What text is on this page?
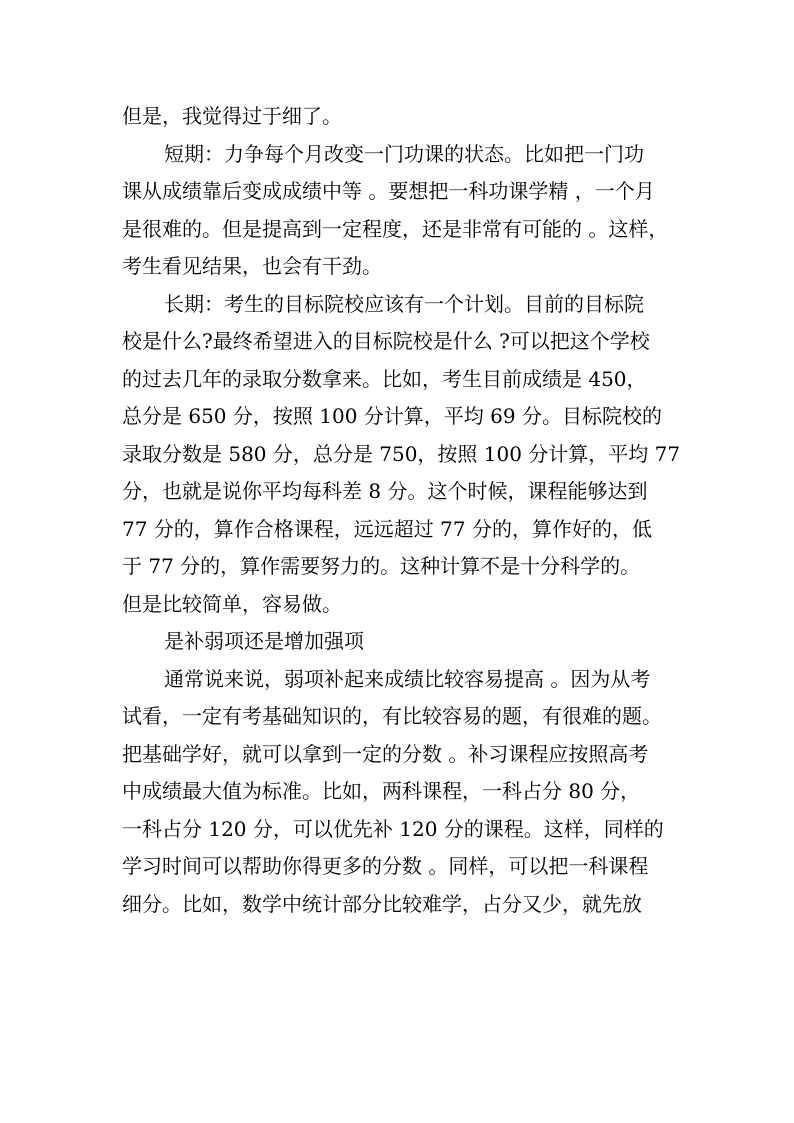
但是，我觉得过于细了。
短期：力争每个月改变一门功课的状态。比如把一门功
课从成绩靠后变成成绩中等 。要想把一科功课学精 ，一个月
是很难的。但是提高到一定程度，还是非常有可能的 。这样，
考生看见结果，也会有干劲。
长期：考生的目标院校应该有一个计划。目前的目标院
校是什么?最终希望进入的目标院校是什么 ?可以把这个学校
的过去几年的录取分数拿来。比如，考生目前成绩是 450，
总分是 650 分，按照 100 分计算，平均 69 分。目标院校的
录取分数是 580 分，总分是 750，按照 100 分计算，平均 77
分，也就是说你平均每科差 8 分。这个时候，课程能够达到
77 分的，算作合格课程，远远超过 77 分的，算作好的，低
于 77 分的，算作需要努力的。这种计算不是十分科学的。
但是比较简单，容易做。
是补弱项还是增加强项
通常说来说，弱项补起来成绩比较容易提高 。因为从考
试看，一定有考基础知识的，有比较容易的题，有很难的题。
把基础学好，就可以拿到一定的分数 。补习课程应按照高考
中成绩最大值为标准。比如，两科课程，一科占分 80 分，
一科占分 120 分，可以优先补 120 分的课程。这样，同样的
学习时间可以帮助你得更多的分数 。同样，可以把一科课程
细分。比如，数学中统计部分比较难学，占分又少，就先放
